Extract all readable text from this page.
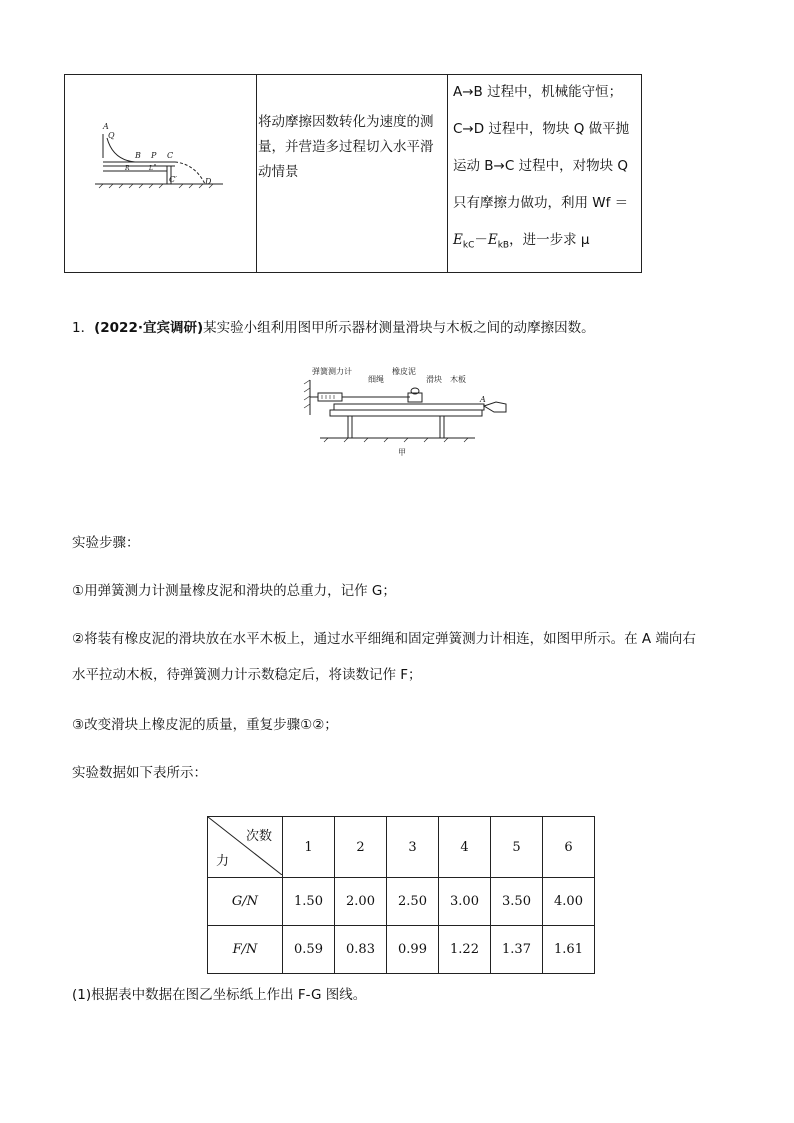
A
Q
B P C
C′	D
R	L
将动摩擦因数转化为速度的测量，并营造多过程切入水平滑动情景
A→B 过程中，机械能守恒；
C→D 过程中，物块 Q 做平抛
运动 B→C 过程中，对物块 Q
只有摩擦力做功，利用 Wf ＝
$E_{kC}-E_{kB}$，进一步求 μ
1．(2022·宜宾调研)某实验小组利用图甲所示器材测量滑块与木板之间的动摩擦因数。
弹簧测力计
细绳
橡皮泥
滑块 木板
A
甲
实验步骤：
①用弹簧测力计测量橡皮泥和滑块的总重力，记作 G；
②将装有橡皮泥的滑块放在水平木板上，通过水平细绳和固定弹簧测力计相连，如图甲所示。在 A 端向右
水平拉动木板，待弹簧测力计示数稳定后，将读数记作 F；
③改变滑块上橡皮泥的质量，重复步骤①②；
实验数据如下表所示：
次数
力	1	2	3	4	5	6
G/N	1.50	2.00	2.50	3.00	3.50	4.00
F/N	0.59	0.83	0.99	1.22	1.37	1.61
(1)根据表中数据在图乙坐标纸上作出 F-G 图线。
